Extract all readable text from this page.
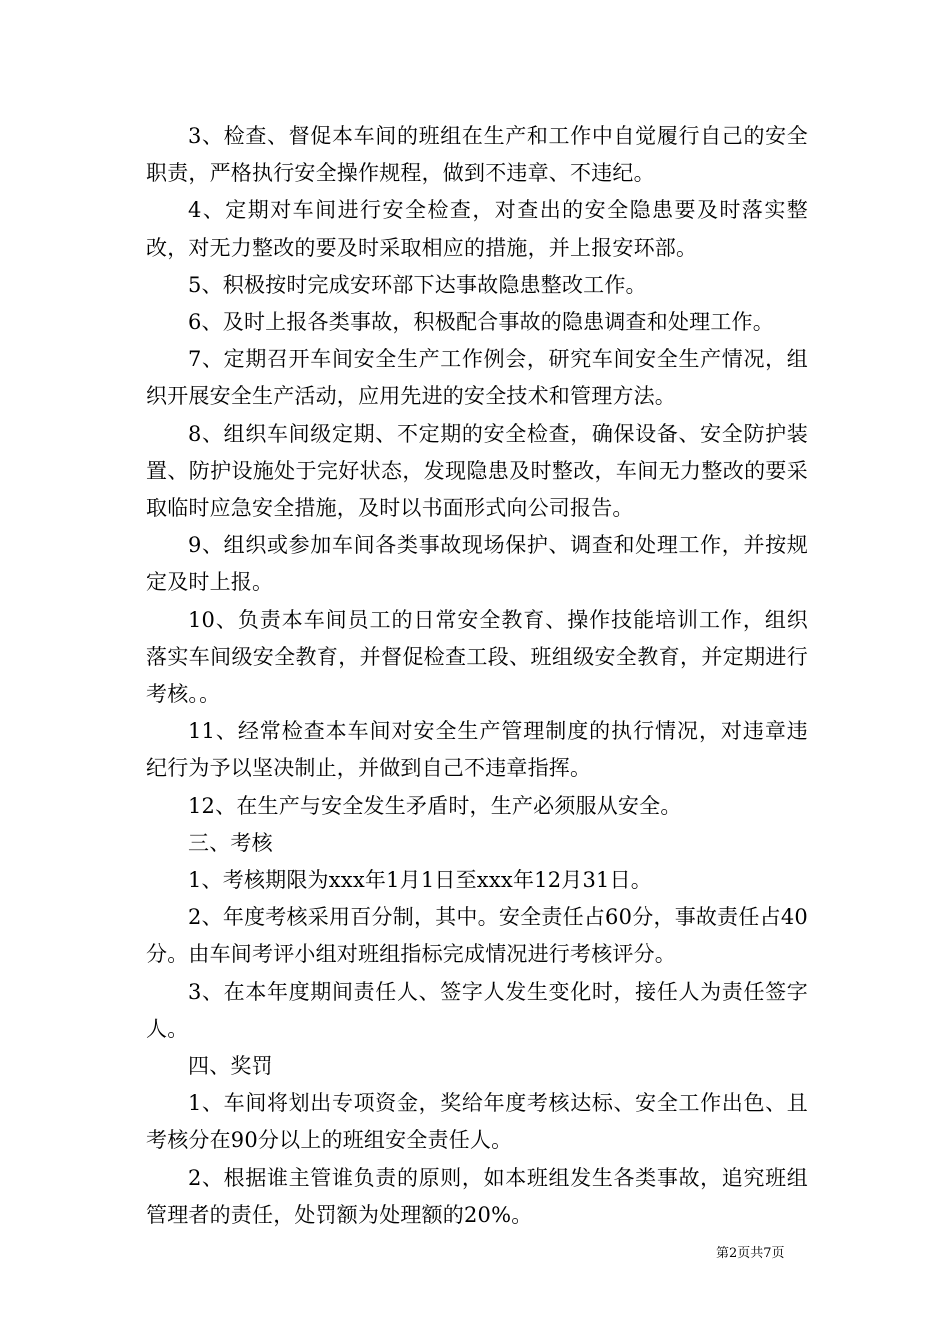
3、检查、督促本车间的班组在生产和工作中自觉履行自己的安全职责，严格执行安全操作规程，做到不违章、不违纪。

4、定期对车间进行安全检查，对查出的安全隐患要及时落实整改，对无力整改的要及时采取相应的措施，并上报安环部。

5、积极按时完成安环部下达事故隐患整改工作。

6、及时上报各类事故，积极配合事故的隐患调查和处理工作。

7、定期召开车间安全生产工作例会，研究车间安全生产情况，组织开展安全生产活动，应用先进的安全技术和管理方法。

8、组织车间级定期、不定期的安全检查，确保设备、安全防护装置、防护设施处于完好状态，发现隐患及时整改，车间无力整改的要采取临时应急安全措施，及时以书面形式向公司报告。

9、组织或参加车间各类事故现场保护、调查和处理工作，并按规定及时上报。

10、负责本车间员工的日常安全教育、操作技能培训工作，组织落实车间级安全教育，并督促检查工段、班组级安全教育，并定期进行考核。。

11、经常检查本车间对安全生产管理制度的执行情况，对违章违纪行为予以坚决制止，并做到自己不违章指挥。

12、在生产与安全发生矛盾时，生产必须服从安全。

三、考核

1、考核期限为xxx年1月1日至xxx年12月31日。

2、年度考核采用百分制，其中。安全责任占60分，事故责任占40分。由车间考评小组对班组指标完成情况进行考核评分。

3、在本年度期间责任人、签字人发生变化时，接任人为责任签字人。

四、奖罚

1、车间将划出专项资金，奖给年度考核达标、安全工作出色、且考核分在90分以上的班组安全责任人。

2、根据谁主管谁负责的原则，如本班组发生各类事故，追究班组管理者的责任，处罚额为处理额的20%。

第2页共7页
